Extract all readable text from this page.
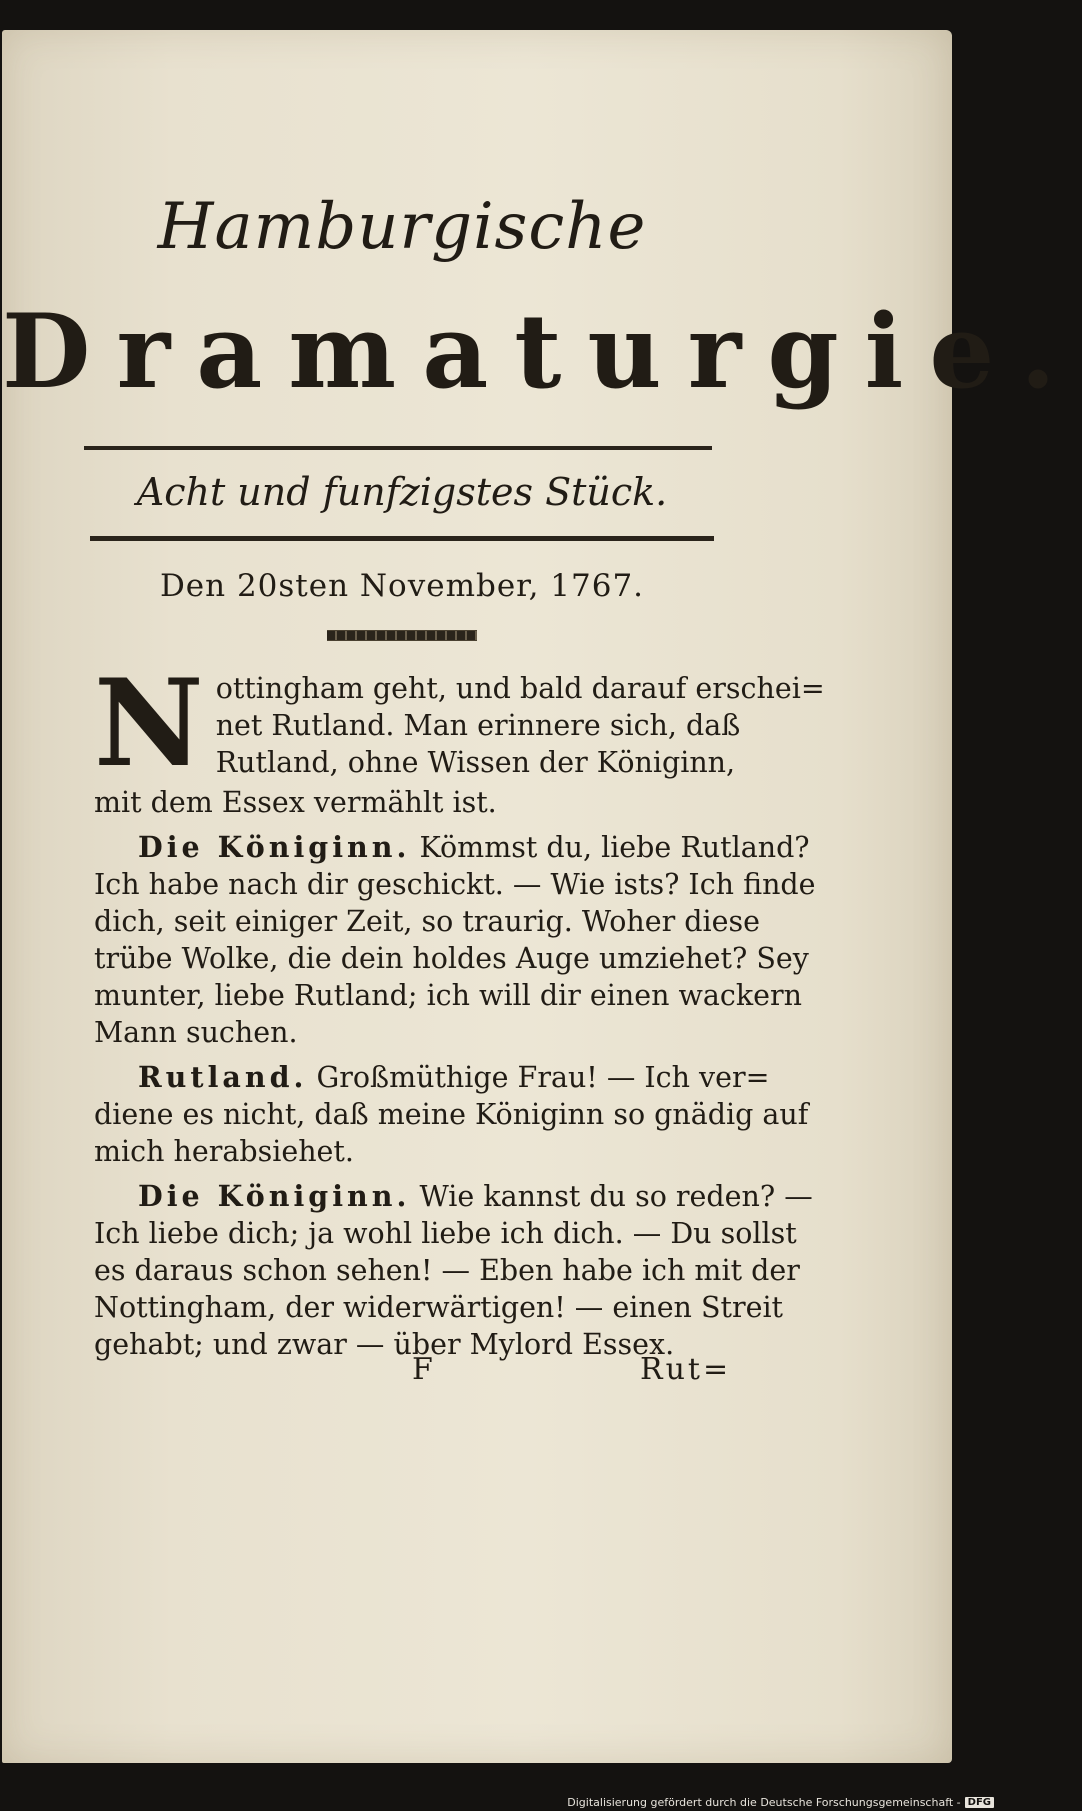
Hamburgische
Dramaturgie.
Acht und funfzigstes Stück.
Den 20sten November, 1767.
N ottingham geht, und bald darauf erschei=
net Rutland. Man erinnere sich, daß
Rutland, ohne Wissen der Königinn,
mit dem Essex vermählt ist.
Die Königinn. Kömmst du, liebe Rutland?
Ich habe nach dir geschickt. — Wie ists? Ich finde
dich, seit einiger Zeit, so traurig. Woher diese
trübe Wolke, die dein holdes Auge umziehet? Sey
munter, liebe Rutland; ich will dir einen wackern
Mann suchen.
Rutland. Großmüthige Frau! — Ich ver=
diene es nicht, daß meine Königinn so gnädig auf
mich herabsiehet.
Die Königinn. Wie kannst du so reden? —
Ich liebe dich; ja wohl liebe ich dich. — Du sollst
es daraus schon sehen! — Eben habe ich mit der
Nottingham, der widerwärtigen! — einen Streit
gehabt; und zwar — über Mylord Essex.
F	Rut=
Digitalisierung gefördert durch die Deutsche Forschungsgemeinschaft - DFG
